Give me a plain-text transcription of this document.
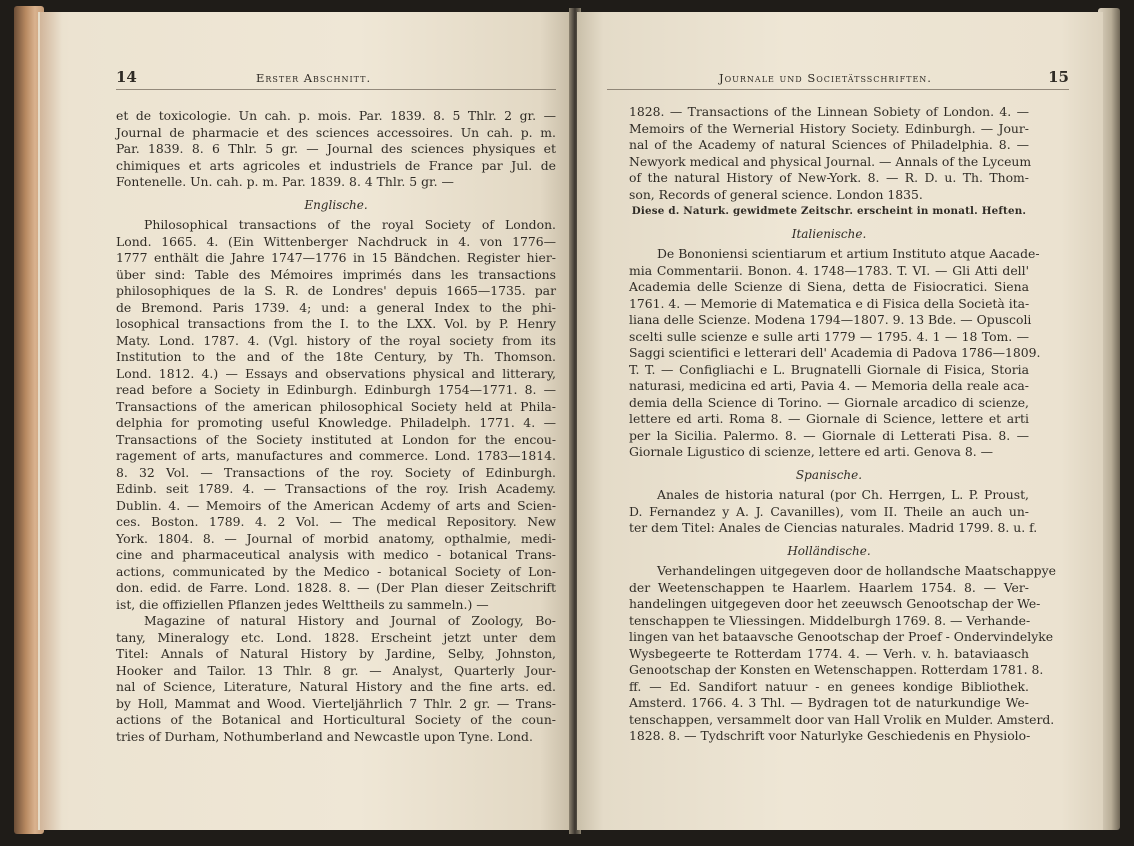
14	Erster Abschnitt.
et de toxicologie. Un cah. p. mois. Par. 1839. 8. 5 Thlr. 2 gr. —
Journal de pharmacie et des sciences accessoires. Un cah. p. m.
Par. 1839. 8. 6 Thlr. 5 gr. — Journal des sciences physiques et
chimiques et arts agricoles et industriels de France par Jul. de
Fontenelle. Un. cah. p. m. Par. 1839. 8. 4 Thlr. 5 gr. —
Englische.
Philosophical transactions of the royal Society of London.
Lond. 1665. 4. (Ein Wittenberger Nachdruck in 4. von 1776—
1777 enthält die Jahre 1747—1776 in 15 Bändchen. Register hier-
über sind: Table des Mémoires imprimés dans les transactions
philosophiques de la S. R. de Londres' depuis 1665—1735. par
de Bremond. Paris 1739. 4; und: a general Index to the phi-
losophical transactions from the I. to the LXX. Vol. by P. Henry
Maty. Lond. 1787. 4. (Vgl. history of the royal society from its
Institution to the and of the 18te Century, by Th. Thomson.
Lond. 1812. 4.) — Essays and observations physical and litterary,
read before a Society in Edinburgh. Edinburgh 1754—1771. 8. —
Transactions of the american philosophical Society held at Phila-
delphia for promoting useful Knowledge. Philadelph. 1771. 4. —
Transactions of the Society instituted at London for the encou-
ragement of arts, manufactures and commerce. Lond. 1783—1814.
8. 32 Vol. — Transactions of the roy. Society of Edinburgh.
Edinb. seit 1789. 4. — Transactions of the roy. Irish Academy.
Dublin. 4. — Memoirs of the American Acdemy of arts and Scien-
ces. Boston. 1789. 4. 2 Vol. — The medical Repository. New
York. 1804. 8. — Journal of morbid anatomy, opthalmie, medi-
cine and pharmaceutical analysis with medico - botanical Trans-
actions, communicated by the Medico - botanical Society of Lon-
don. edid. de Farre. Lond. 1828. 8. — (Der Plan dieser Zeitschrift
ist, die offiziellen Pflanzen jedes Welttheils zu sammeln.) —
Magazine of natural History and Journal of Zoology, Bo-
tany, Mineralogy etc. Lond. 1828. Erscheint jetzt unter dem
Titel: Annals of Natural History by Jardine, Selby, Johnston,
Hooker and Tailor. 13 Thlr. 8 gr. — Analyst, Quarterly Jour-
nal of Science, Literature, Natural History and the fine arts. ed.
by Holl, Mammat and Wood. Vierteljährlich 7 Thlr. 2 gr. — Trans-
actions of the Botanical and Horticultural Society of the coun-
tries of Durham, Nothumberland and Newcastle upon Tyne. Lond.
Journale und Societätsschriften.	15
1828. — Transactions of the Linnean Sobiety of London. 4. —
Memoirs of the Wernerial History Society. Edinburgh. — Jour-
nal of the Academy of natural Sciences of Philadelphia. 8. —
Newyork medical and physical Journal. — Annals of the Lyceum
of the natural History of New-York. 8. — R. D. u. Th. Thom-
son, Records of general science. London 1835.
Diese d. Naturk. gewidmete Zeitschr. erscheint in monatl. Heften.
Italienische.
De Bononiensi scientiarum et artium Instituto atque Aacade-
mia Commentarii. Bonon. 4. 1748—1783. T. VI. — Gli Atti dell'
Academia delle Scienze di Siena, detta de Fisiocratici. Siena
1761. 4. — Memorie di Matematica e di Fisica della Società ita-
liana delle Scienze. Modena 1794—1807. 9. 13 Bde. — Opuscoli
scelti sulle scienze e sulle arti 1779 — 1795. 4. 1 — 18 Tom. —
Saggi scientifici e letterari dell' Academia di Padova 1786—1809.
T. T. — Configliachi e L. Brugnatelli Giornale di Fisica, Storia
naturasi, medicina ed arti, Pavia 4. — Memoria della reale aca-
demia della Science di Torino. — Giornale arcadico di scienze,
lettere ed arti. Roma 8. — Giornale di Science, lettere et arti
per la Sicilia. Palermo. 8. — Giornale di Letterati Pisa. 8. —
Giornale Ligustico di scienze, lettere ed arti. Genova 8. —
Spanische.
Anales de historia natural (por Ch. Herrgen, L. P. Proust,
D. Fernandez y A. J. Cavanilles), vom II. Theile an auch un-
ter dem Titel: Anales de Ciencias naturales. Madrid 1799. 8. u. f.
Holländische.
Verhandelingen uitgegeven door de hollandsche Maatschappye
der Weetenschappen te Haarlem. Haarlem 1754. 8. — Ver-
handelingen uitgegeven door het zeeuwsch Genootschap der We-
tenschappen te Vliessingen. Middelburgh 1769. 8. — Verhande-
lingen van het bataavsche Genootschap der Proef - Ondervindelyke
Wysbegeerte te Rotterdam 1774. 4. — Verh. v. h. bataviaasch
Genootschap der Konsten en Wetenschappen. Rotterdam 1781. 8.
ff. — Ed. Sandifort natuur - en genees kondige Bibliothek.
Amsterd. 1766. 4. 3 Thl. — Bydragen tot de naturkundige We-
tenschappen, versammelt door van Hall Vrolik en Mulder. Amsterd.
1828. 8. — Tydschrift voor Naturlyke Geschiedenis en Physiolo-
